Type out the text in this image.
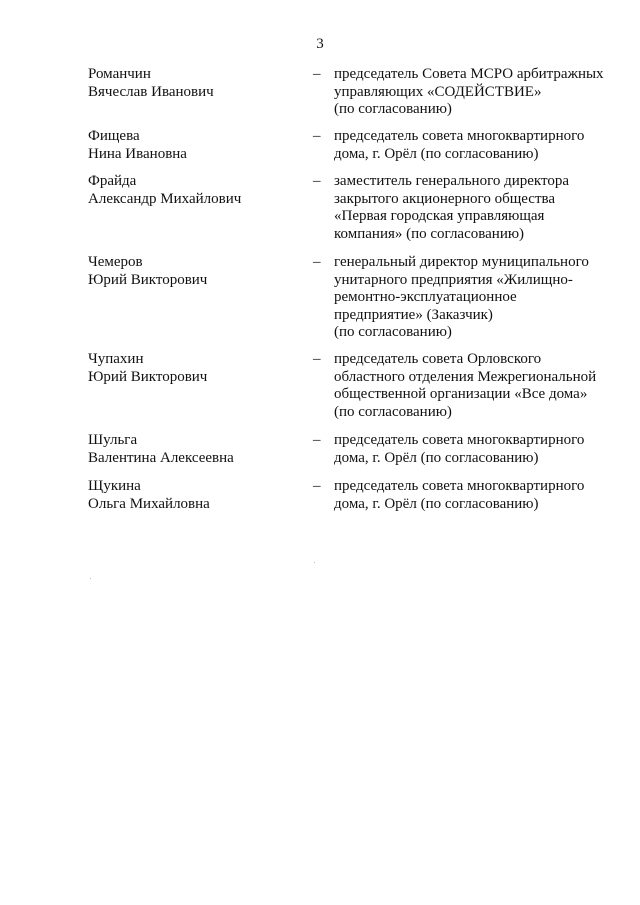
3
Романчин
Вячеслав Иванович
– председатель Совета МСРО арбитражных
управляющих «СОДЕЙСТВИЕ»
(по согласованию)
Фищева
Нина Ивановна
– председатель совета многоквартирного
дома, г. Орёл (по согласованию)
Фрайда
Александр Михайлович
– заместитель генерального директора
закрытого акционерного общества
«Первая городская управляющая
компания» (по согласованию)
Чемеров
Юрий Викторович
– генеральный директор муниципального
унитарного предприятия «Жилищно-
ремонтно-эксплуатационное
предприятие» (Заказчик)
(по согласованию)
Чупахин
Юрий Викторович
– председатель совета Орловского
областного отделения Межрегиональной
общественной организации «Все дома»
(по согласованию)
Шульга
Валентина Алексеевна
– председатель совета многоквартирного
дома, г. Орёл (по согласованию)
Щукина
Ольга Михайловна
– председатель совета многоквартирного
дома, г. Орёл (по согласованию)
